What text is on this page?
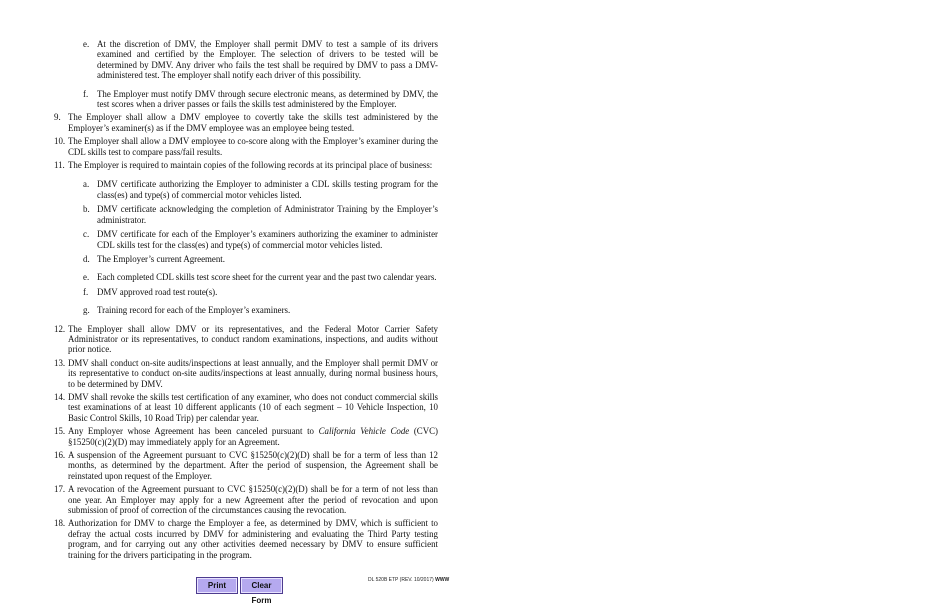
e. At the discretion of DMV, the Employer shall permit DMV to test a sample of its drivers examined and certified by the Employer. The selection of drivers to be tested will be determined by DMV. Any driver who fails the test shall be required by DMV to pass a DMV-administered test. The employer shall notify each driver of this possibility.
f. The Employer must notify DMV through secure electronic means, as determined by DMV, the test scores when a driver passes or fails the skills test administered by the Employer.
9. The Employer shall allow a DMV employee to covertly take the skills test administered by the Employer’s examiner(s) as if the DMV employee was an employee being tested.
10. The Employer shall allow a DMV employee to co-score along with the Employer’s examiner during the CDL skills test to compare pass/fail results.
11. The Employer is required to maintain copies of the following records at its principal place of business:
a. DMV certificate authorizing the Employer to administer a CDL skills testing program for the class(es) and type(s) of commercial motor vehicles listed.
b. DMV certificate acknowledging the completion of Administrator Training by the Employer’s administrator.
c. DMV certificate for each of the Employer’s examiners authorizing the examiner to administer CDL skills test for the class(es) and type(s) of commercial motor vehicles listed.
d. The Employer’s current Agreement.
e. Each completed CDL skills test score sheet for the current year and the past two calendar years.
f. DMV approved road test route(s).
g. Training record for each of the Employer’s examiners.
12. The Employer shall allow DMV or its representatives, and the Federal Motor Carrier Safety Administrator or its representatives, to conduct random examinations, inspections, and audits without prior notice.
13. DMV shall conduct on-site audits/inspections at least annually, and the Employer shall permit DMV or its representative to conduct on-site audits/inspections at least annually, during normal business hours, to be determined by DMV.
14. DMV shall revoke the skills test certification of any examiner, who does not conduct commercial skills test examinations of at least 10 different applicants (10 of each segment – 10 Vehicle Inspection, 10 Basic Control Skills, 10 Road Trip) per calendar year.
15. Any Employer whose Agreement has been canceled pursuant to California Vehicle Code (CVC) §15250(c)(2)(D) may immediately apply for an Agreement.
16. A suspension of the Agreement pursuant to CVC §15250(c)(2)(D) shall be for a term of less than 12 months, as determined by the department. After the period of suspension, the Agreement shall be reinstated upon request of the Employer.
17. A revocation of the Agreement pursuant to CVC §15250(c)(2)(D) shall be for a term of not less than one year. An Employer may apply for a new Agreement after the period of revocation and upon submission of proof of correction of the circumstances causing the revocation.
18. Authorization for DMV to charge the Employer a fee, as determined by DMV, which is sufficient to defray the actual costs incurred by DMV for administering and evaluating the Third Party testing program, and for carrying out any other activities deemed necessary by DMV to ensure sufficient training for the drivers participating in the program.
DL 520B ETP (REV. 10/2017) WWW
Print	Clear Form
